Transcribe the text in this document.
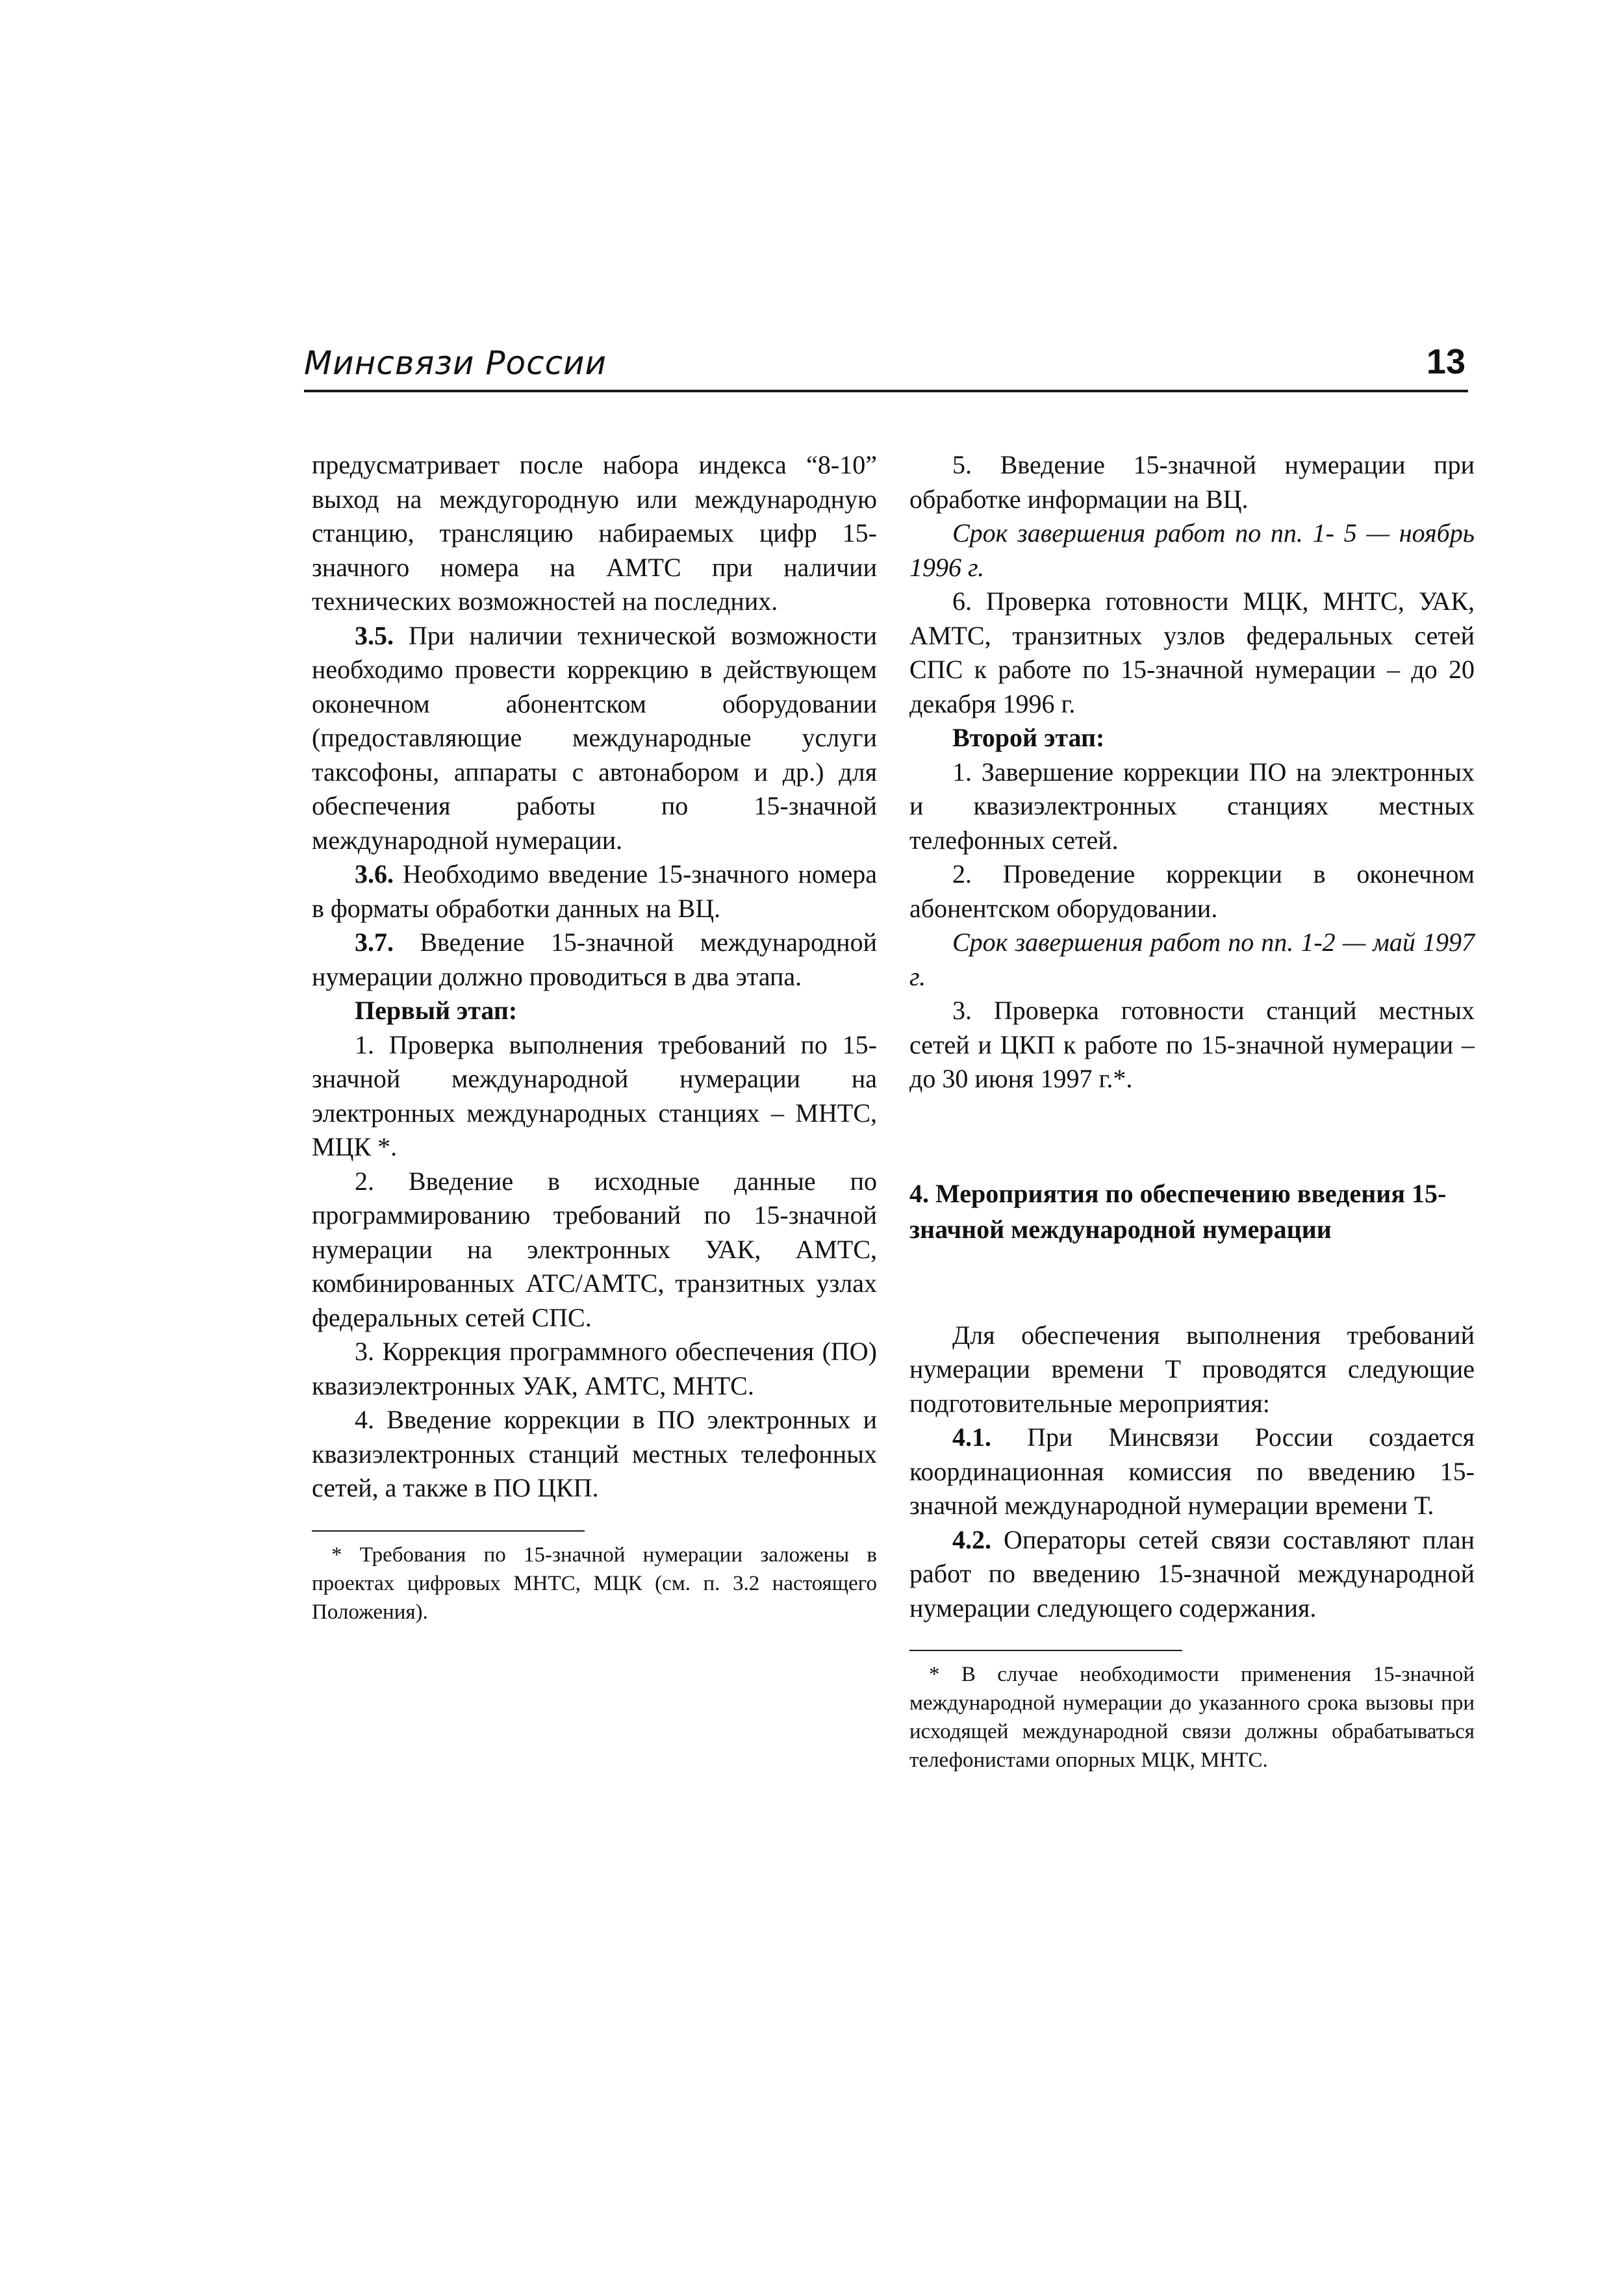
Минсвязи России	13

предусматривает после набора индекса “8-10” выход на междугородную или международную станцию, трансляцию набираемых цифр 15-значного номера на АМТС при наличии технических возможностей на последних.

3.5. При наличии технической возможности необходимо провести коррекцию в действующем оконечном абонентском оборудовании (предоставляющие международные услуги таксофоны, аппараты с автонабором и др.) для обеспечения работы по 15-значной международной нумерации.

3.6. Необходимо введение 15-значного номера в форматы обработки данных на ВЦ.

3.7. Введение 15-значной международной нумерации должно проводиться в два этапа.

Первый этап:

1. Проверка выполнения требований по 15-значной международной нумерации на электронных международных станциях – МНТС, МЦК *.

2. Введение в исходные данные по программированию требований по 15-значной нумерации на электронных УАК, АМТС, комбинированных АТС/АМТС, транзитных узлах федеральных сетей СПС.

3. Коррекция программного обеспечения (ПО) квазиэлектронных УАК, АМТС, МНТС.

4. Введение коррекции в ПО электронных и квазиэлектронных станций местных телефонных сетей, а также в ПО ЦКП.

* Требования по 15-значной нумерации заложены в проектах цифровых МНТС, МЦК (см. п. 3.2 настоящего Положения).

5. Введение 15-значной нумерации при обработке информации на ВЦ.

Срок завершения работ по пп. 1- 5 — ноябрь 1996 г.

6. Проверка готовности МЦК, МНТС, УАК, АМТС, транзитных узлов федеральных сетей СПС к работе по 15-значной нумерации – до 20 декабря 1996 г.

Второй этап:

1. Завершение коррекции ПО на электронных и квазиэлектронных станциях местных телефонных сетей.

2. Проведение коррекции в оконечном абонентском оборудовании.

Срок завершения работ по пп. 1-2 — май 1997 г.

3. Проверка готовности станций местных сетей и ЦКП к работе по 15-значной нумерации – до 30 июня 1997 г.*.

4. Мероприятия по обеспечению введения 15-значной международной нумерации

Для обеспечения выполнения требований нумерации времени Т проводятся следующие подготовительные мероприятия:

4.1. При Минсвязи России создается координационная комиссия по введению 15-значной международной нумерации времени Т.

4.2. Операторы сетей связи составляют план работ по введению 15-значной международной нумерации следующего содержания.

* В случае необходимости применения 15-значной международной нумерации до указанного срока вызовы при исходящей международной связи должны обрабатываться телефонистами опорных МЦК, МНТС.
